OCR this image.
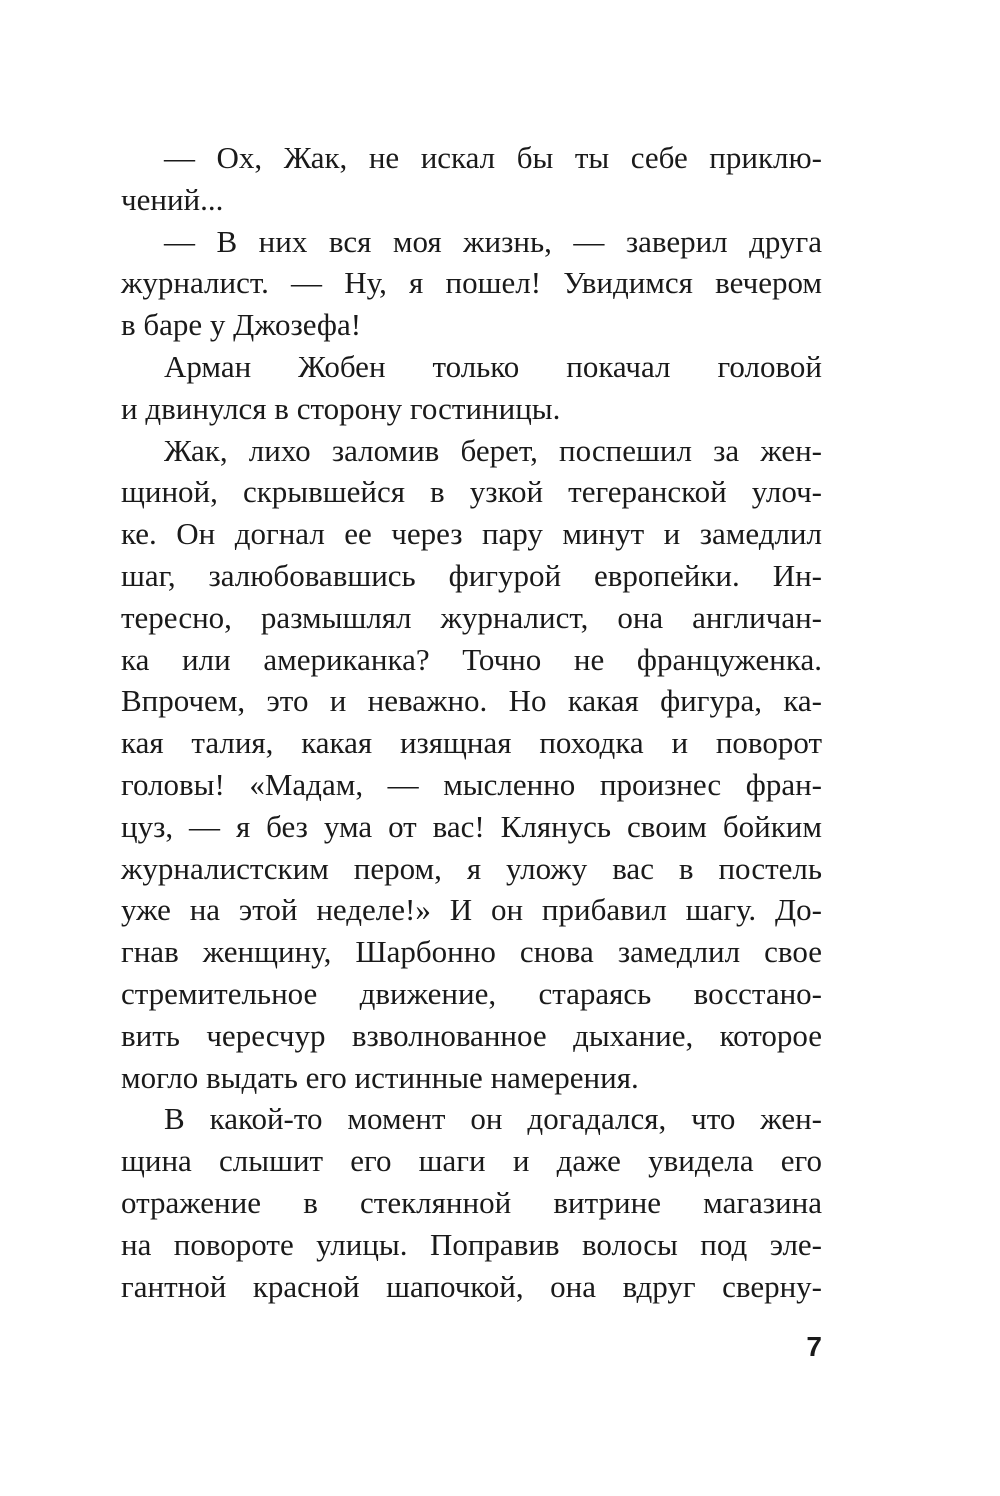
— Ох, Жак, не искал бы ты себе приклю-
чений...
— В них вся моя жизнь, — заверил друга
журналист. — Ну, я пошел! Увидимся вечером
в баре у Джозефа!
Арман Жобен только покачал головой
и двинулся в сторону гостиницы.
Жак, лихо заломив берет, поспешил за жен-
щиной, скрывшейся в узкой тегеранской улоч-
ке. Он догнал ее через пару минут и замедлил
шаг, залюбовавшись фигурой европейки. Ин-
тересно, размышлял журналист, она англичан-
ка или американка? Точно не француженка.
Впрочем, это и неважно. Но какая фигура, ка-
кая талия, какая изящная походка и поворот
головы! «Мадам, — мысленно произнес фран-
цуз, — я без ума от вас! Клянусь своим бойким
журналистским пером, я уложу вас в постель
уже на этой неделе!» И он прибавил шагу. До-
гнав женщину, Шарбонно снова замедлил свое
стремительное движение, стараясь восстано-
вить чересчур взволнованное дыхание, которое
могло выдать его истинные намерения.
В какой-то момент он догадался, что жен-
щина слышит его шаги и даже увидела его
отражение в стеклянной витрине магазина
на повороте улицы. Поправив волосы под эле-
гантной красной шапочкой, она вдруг сверну-
7
